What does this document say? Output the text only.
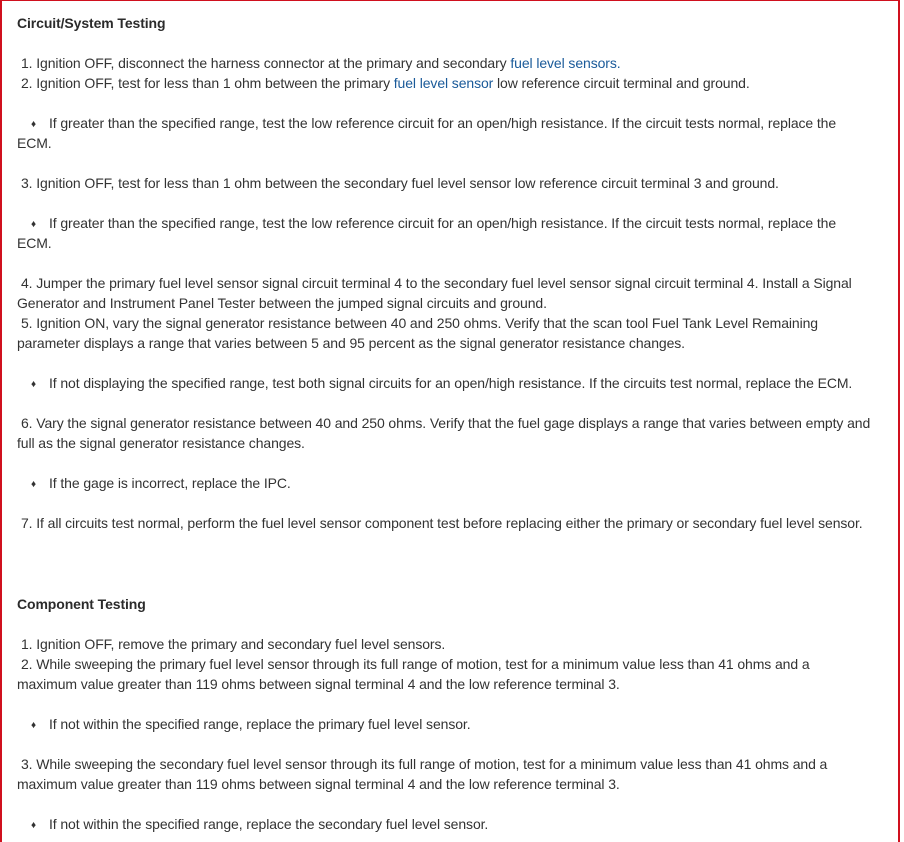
Circuit/System Testing
1. Ignition OFF, disconnect the harness connector at the primary and secondary fuel level sensors.
2. Ignition OFF, test for less than 1 ohm between the primary fuel level sensor low reference circuit terminal and ground.
♦ If greater than the specified range, test the low reference circuit for an open/high resistance. If the circuit tests normal, replace the
ECM.
3. Ignition OFF, test for less than 1 ohm between the secondary fuel level sensor low reference circuit terminal 3 and ground.
♦ If greater than the specified range, test the low reference circuit for an open/high resistance. If the circuit tests normal, replace the
ECM.
4. Jumper the primary fuel level sensor signal circuit terminal 4 to the secondary fuel level sensor signal circuit terminal 4. Install a Signal
Generator and Instrument Panel Tester between the jumped signal circuits and ground.
5. Ignition ON, vary the signal generator resistance between 40 and 250 ohms. Verify that the scan tool Fuel Tank Level Remaining
parameter displays a range that varies between 5 and 95 percent as the signal generator resistance changes.
♦ If not displaying the specified range, test both signal circuits for an open/high resistance. If the circuits test normal, replace the ECM.
6. Vary the signal generator resistance between 40 and 250 ohms. Verify that the fuel gage displays a range that varies between empty and
full as the signal generator resistance changes.
♦ If the gage is incorrect, replace the IPC.
7. If all circuits test normal, perform the fuel level sensor component test before replacing either the primary or secondary fuel level sensor.
Component Testing
1. Ignition OFF, remove the primary and secondary fuel level sensors.
2. While sweeping the primary fuel level sensor through its full range of motion, test for a minimum value less than 41 ohms and a
maximum value greater than 119 ohms between signal terminal 4 and the low reference terminal 3.
♦ If not within the specified range, replace the primary fuel level sensor.
3. While sweeping the secondary fuel level sensor through its full range of motion, test for a minimum value less than 41 ohms and a
maximum value greater than 119 ohms between signal terminal 4 and the low reference terminal 3.
♦ If not within the specified range, replace the secondary fuel level sensor.
